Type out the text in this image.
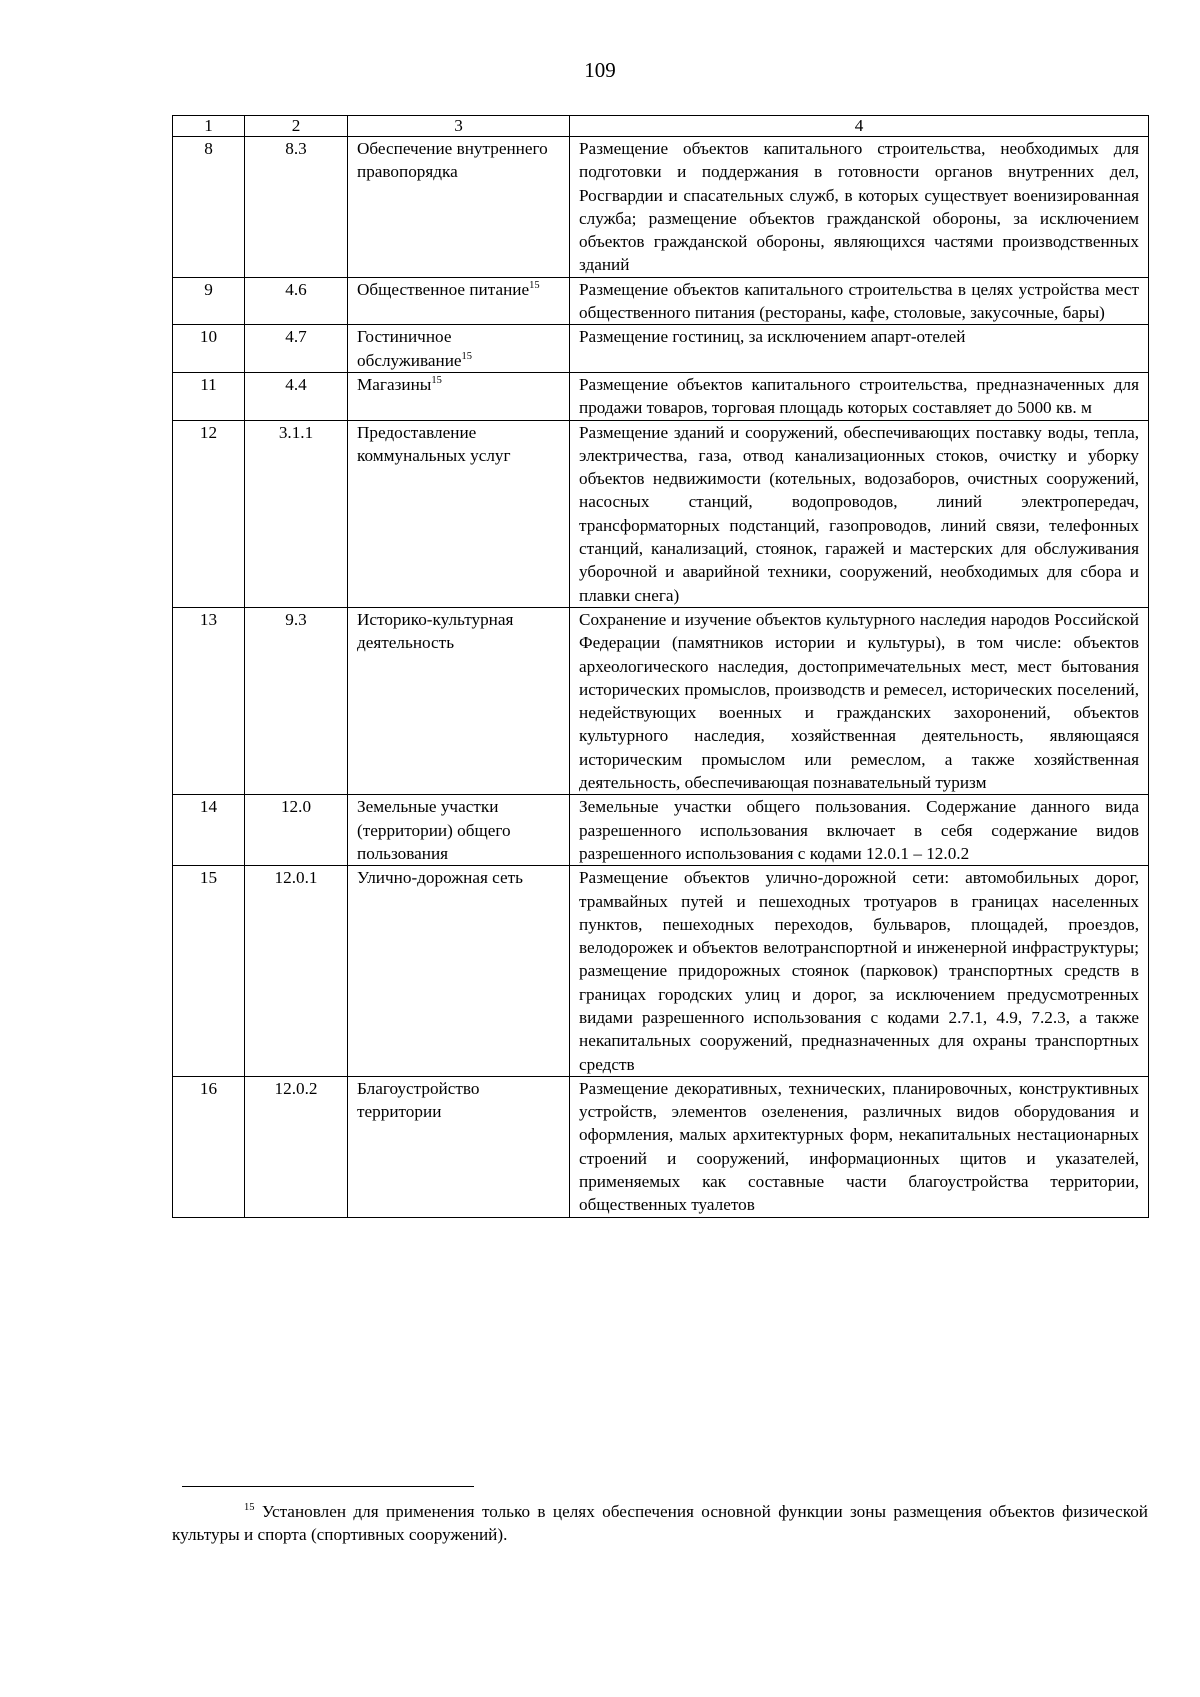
109
1	2	3	4
8	8.3	Обеспечение внутреннего правопорядка	Размещение объектов капитального строительства, необходимых для подготовки и поддержания в готовности органов внутренних дел, Росгвардии и спасательных служб, в которых существует военизированная служба; размещение объектов гражданской обороны, за исключением объектов гражданской обороны, являющихся частями производственных зданий
9	4.6	Общественное питание$^{15}$	Размещение объектов капитального строительства в целях устройства мест общественного питания (рестораны, кафе, столовые, закусочные, бары)
10	4.7	Гостиничное обслуживание$^{15}$	Размещение гостиниц, за исключением апарт-отелей
11	4.4	Магазины$^{15}$	Размещение объектов капитального строительства, предназначенных для продажи товаров, торговая площадь которых составляет до 5000 кв. м
12	3.1.1	Предоставление коммунальных услуг	Размещение зданий и сооружений, обеспечивающих поставку воды, тепла, электричества, газа, отвод канализационных стоков, очистку и уборку объектов недвижимости (котельных, водозаборов, очистных сооружений, насосных станций, водопроводов, линий электропередач, трансформаторных подстанций, газопроводов, линий связи, телефонных станций, канализаций, стоянок, гаражей и мастерских для обслуживания уборочной и аварийной техники, сооружений, необходимых для сбора и плавки снега)
13	9.3	Историко-культурная деятельность	Сохранение и изучение объектов культурного наследия народов Российской Федерации (памятников истории и культуры), в том числе: объектов археологического наследия, достопримечательных мест, мест бытования исторических промыслов, производств и ремесел, исторических поселений, недействующих военных и гражданских захоронений, объектов культурного наследия, хозяйственная деятельность, являющаяся историческим промыслом или ремеслом, а также хозяйственная деятельность, обеспечивающая познавательный туризм
14	12.0	Земельные участки (территории) общего пользования	Земельные участки общего пользования. Содержание данного вида разрешенного использования включает в себя содержание видов разрешенного использования с кодами 12.0.1 – 12.0.2
15	12.0.1	Улично-дорожная сеть	Размещение объектов улично-дорожной сети: автомобильных дорог, трамвайных путей и пешеходных тротуаров в границах населенных пунктов, пешеходных переходов, бульваров, площадей, проездов, велодорожек и объектов велотранспортной и инженерной инфраструктуры; размещение придорожных стоянок (парковок) транспортных средств в границах городских улиц и дорог, за исключением предусмотренных видами разрешенного использования с кодами 2.7.1, 4.9, 7.2.3, а также некапитальных сооружений, предназначенных для охраны транспортных средств
16	12.0.2	Благоустройство территории	Размещение декоративных, технических, планировочных, конструктивных устройств, элементов озеленения, различных видов оборудования и оформления, малых архитектурных форм, некапитальных нестационарных строений и сооружений, информационных щитов и указателей, применяемых как составные части благоустройства территории, общественных туалетов
$^{15}$ Установлен для применения только в целях обеспечения основной функции зоны размещения объектов физической культуры и спорта (спортивных сооружений).
